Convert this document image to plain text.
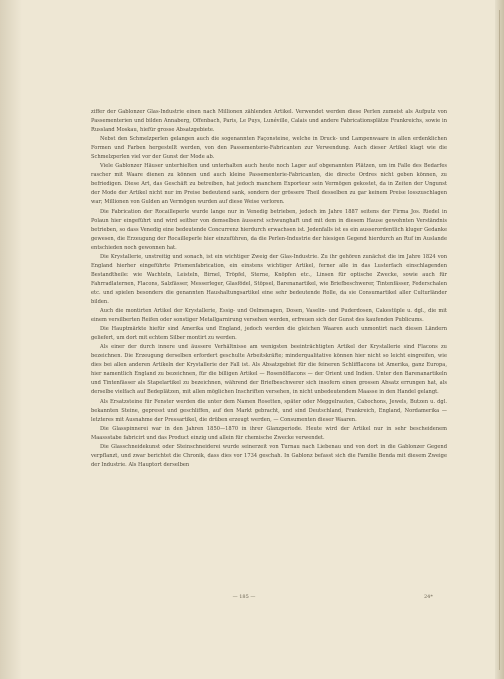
ziffer der Gablonzer Glas-Industrie einen nach Millionen zählenden Artikel. Verwendet werden diese Perlen zumeist als Aufputz von Passementerien und bilden Annaberg, Offenbach, Paris, Le Puys, Lunéville, Calais und andere Fabricationsplätze Frankreichs, sowie in Russland Moskau, hiefür grosse Absatzgebiete.

Nebst den Schmelzperlen gelangen auch die sogenannten Façonsteine, welche in Druck- und Lampenwaare in allen erdenklichen Formen und Farben hergestellt werden, von den Passementerie-Fabricanten zur Verwendung. Auch dieser Artikel klagt wie die Schmelzperlen viel vor der Gunst der Mode ab.

Viele Gablonzer Häuser unterhielten und unterhalten auch heute noch Lager auf obgenannten Plätzen, um im Falle des Bedarfes rascher mit Waare dienen zu können und auch kleine Passementerie-Fabricanten, die directe Ordres nicht geben können, zu befriedigen. Diese Art, das Geschäft zu betreiben, hat jedoch manchem Exporteur sein Vermögen gekostet, da in Zeiten der Ungunst der Mode der Artikel nicht nur im Preise bedeutend sank, sondern der grössere Theil desselben zu gar keinem Preise losszuschlagen war; Millionen von Gulden an Vermögen wurden auf diese Weise verloren.

Die Fabrication der Rocailleperle wurde lange nur in Venedig betrieben, jedoch im Jahre 1887 seitens der Firma Jos. Riedel in Polaun hier eingeführt und wird seither von demselben äusserst schwunghaft und mit dem in diesem Hause gewohnten Verständnis betrieben, so dass Venedig eine bedeutende Concurrenz hierdurch erwachsen ist. Jedenfalls ist es ein ausserordentlich kluger Gedanke gewesen, die Erzeugung der Rocailleperle hier einzuführen, da die Perlen-Industrie der hiesigen Gegend hierdurch an Ruf im Auslande entschieden noch gewonnen hat.

Die Krystallerie, unstreitig und sonach, ist ein wichtiger Zweig der Glas-Industrie. Zu ihr gehören zunächst die im Jahre 1824 von England hierher eingeführte Prismenfabrication, ein einstens wichtiger Artikel, ferner alle in das Lusterfach einschlagenden Bestandtheile: wie Wachteln, Leisteln, Birnel, Tröpfel, Sterne, Knöpfen etc., Linsen für optische Zwecke, sowie auch für Fahrradlaternen, Flacons, Salzfässer, Messerleger, Glasfödel, Stöpsel, Barenanartikel, wie Briefbeschwerer, Tintenfässer, Federschalen etc. und spielen besonders die genannten Haushaltungsartikel eine sehr bedeutende Rolle, da sie Consumartikel aller Culturländer bilden.

Auch die montirten Artikel der Krystallerie, Essig- und Oelmenagen, Dosen, Vaselin- und Puderdosen, Cakestüple u. dgl., die mit einem versilberten Reifen oder sonstiger Metallgarnirung versehen werden, erfreuen sich der Gunst des kaufenden Publicums.

Die Hauptmärkte hiefür sind Amerika und England, jedoch werden die gleichen Waaren auch unmontirt nach diesen Ländern geliefert, um dort mit echtem Silber montirt zu werden.

Als einer der durch innere und äussere Verhältnisse am wenigsten beeinträchtigten Artikel der Krystallerie sind Flacons zu bezeichnen. Die Erzeugung derselben erfordert geschulte Arbeitskräfte; minderqualitative können hier nicht so leicht eingreifen, wie dies bei allen anderen Artikeln der Krystallerie der Fall ist. Als Absatzgebiet für die feineren Schlifflacons ist Amerika, ganz Europa, hier namentlich England zu bezeichnen, für die billigen Artikel — Rosenölflacons — der Orient und Indien. Unter den Barenanartikeln und Tintenfässer als Stapelartikel zu bezeichnen, während der Briefbeschwerer sich insofern einen grossen Absatz errungen hat, als derselbe vielfach auf Bedeplätzen, mit allen möglichen Inschriften versehen, in nicht unbedeutendem Maasse in den Handel gelangt.

Als Ersatzsteine für Fenster werden die unter dem Namen Rosetten, später oder Meggelrauten, Cabochons, Jewels, Butzen u. dgl. bekannten Steine, gepresst und geschliffen, auf den Markt gebracht, und sind Deutschland, Frankreich, England, Nordamerika — letzteres mit Ausnahme der Pressartikel, die drüben erzeugt werden, — Consumenten dieser Waaren.

Die Glasspinnerei war in den Jahren 1850—1870 in ihrer Glanzperiode. Heute wird der Artikel nur in sehr bescheidenem Maassstabe fabricirt und das Product einzig und allein für chemische Zwecke verwendet.

Die Glasschneidekunst oder Steinschneiderei wurde seinerzeit von Turnau nach Liebenau und von dort in die Gablonzer Gegend verpflanzt, und zwar berichtet die Chronik, dass dies vor 1734 geschah. In Gablonz befasst sich die Familie Benda mit diesem Zweige der Industrie. Als Hauptort derselben

— 185 —	24*
